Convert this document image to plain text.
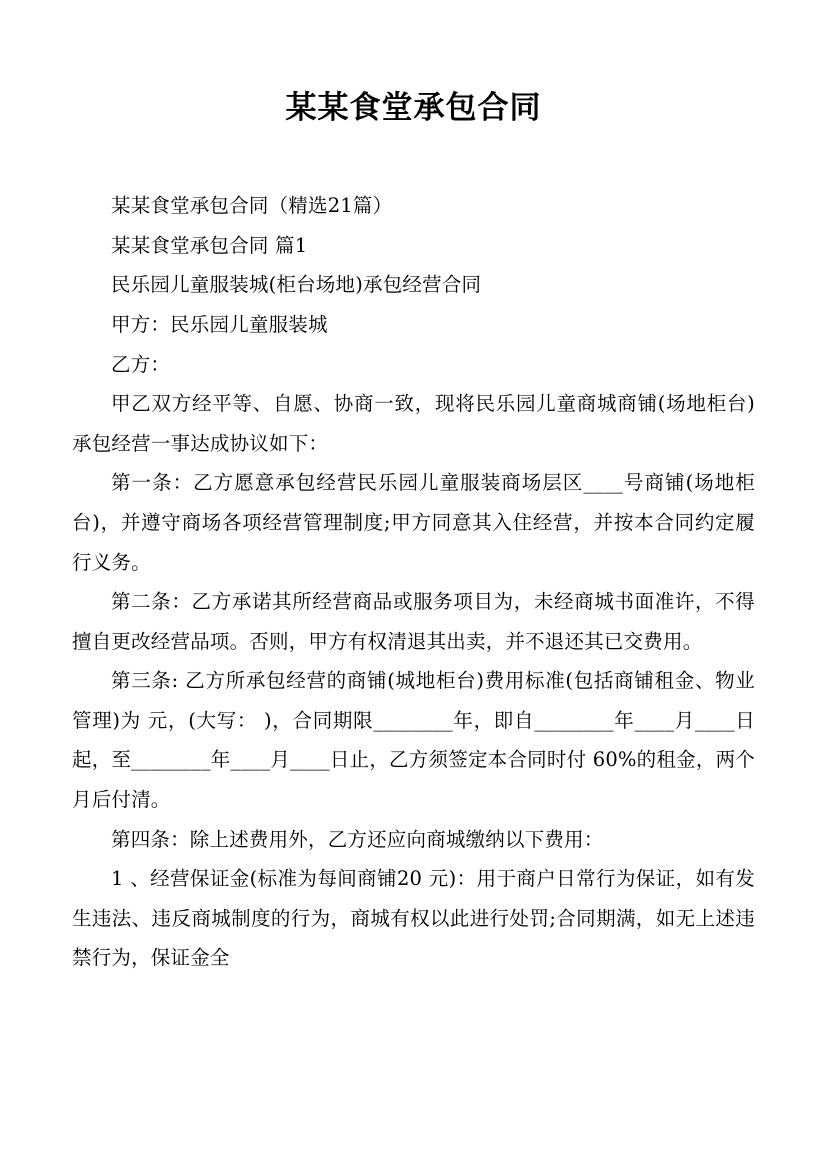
某某食堂承包合同

某某食堂承包合同（精选21篇）

某某食堂承包合同 篇1

民乐园儿童服装城(柜台场地)承包经营合同

甲方：民乐园儿童服装城

乙方：

甲乙双方经平等、自愿、协商一致，现将民乐园儿童商城商铺(场地柜台)承包经营一事达成协议如下：

第一条：乙方愿意承包经营民乐园儿童服装商场层区____号商铺(场地柜台)，并遵守商场各项经营管理制度;甲方同意其入住经营，并按本合同约定履行义务。

第二条：乙方承诺其所经营商品或服务项目为，未经商城书面准许，不得擅自更改经营品项。否则，甲方有权清退其出卖，并不退还其已交费用。

第三条: 乙方所承包经营的商铺(城地柜台)费用标准(包括商铺租金、物业管理)为 元，(大写： )，合同期限________年，即自________年____月____日起，至________年____月____日止，乙方须签定本合同时付 60%的租金，两个月后付清。

第四条：除上述费用外，乙方还应向商城缴纳以下费用：

1 、经营保证金(标准为每间商铺20 元)：用于商户日常行为保证，如有发生违法、违反商城制度的行为，商城有权以此进行处罚;合同期满，如无上述违禁行为，保证金全
